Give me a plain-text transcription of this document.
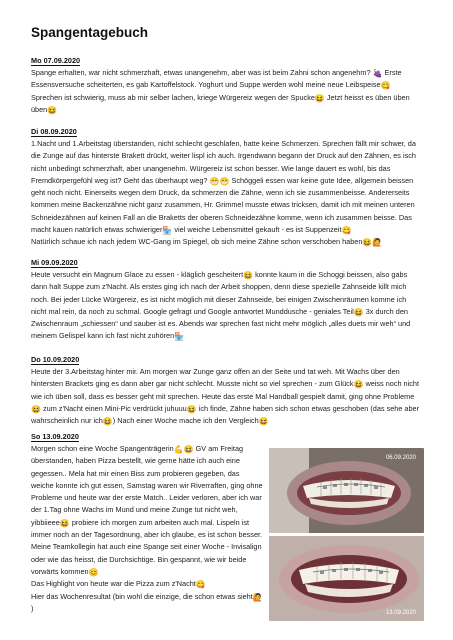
Spangentagebuch
Mo 07.09.2020

Spange erhalten, war nicht schmerzhaft, etwas unangenehm, aber was ist beim Zahni schon angenehm? 🍇 Erste Essensversuche scheiterten, es gab Kartoffelstock. Yoghurt und Suppe werden wohl meine neue Leibspeise😋 Sprechen ist schwierig, muss ab mir selber lachen, kriege Würgereiz wegen der Spucke😆 Jetzt heisst es üben üben üben😆

Di 08.09.2020

1.Nacht und 1.Arbeitstag überstanden, nicht schlecht geschlafen, hatte keine Schmerzen. Sprechen fällt mir schwer, da die Zunge auf das hinterste Brakett drückt, weiter lispl ich auch. Irgendwann begann der Druck auf den Zähnen, es isch nicht unbedingt schmerzhaft, aber unangenehm. Würgereiz ist schon besser. Wie lange dauert es wohl, bis das Fremdkörpergefühl weg ist? Geht das überhaupt weg? 😁😁 Schöggeli essen war keine gute Idee, allgemein beissen geht noch nicht. Einerseits wegen dem Druck, da schmerzen die Zähne, wenn ich sie zusammenbeisse. Andererseits kommen meine Backenzähne nicht ganz zusammen, Hr. Grimmel musste etwas tricksen, damit ich mit meinen unteren Schneidezähnen auf keinen Fall an die Braketts der oberen Schneidezähne komme, wenn ich zusammen beisse. Das macht kauen natürlich etwas schwieriger🏪 viel weiche Lebensmittel gekauft - es ist Suppenzeit😋

Natürlich schaue ich nach jedem WC-Gang im Spiegel, ob sich meine Zähne schon verschoben haben😆🙋

Mi 09.09.2020

Heute versucht ein Magnum Glace zu essen - kläglich gescheitert😆 konnte kaum in die Schoggi beissen, also gabs dann halt Suppe zum z'Nacht. Als erstes ging ich nach der Arbeit shoppen, denn diese spezielle Zahnseide killt mich noch. Bei jeder Lücke Würgereiz, es ist nicht möglich mit dieser Zahnseide, bei einigen Zwischenräumen komme ich nicht mal rein, da noch zu schmal. Google gefragt und Google antwortet Munddusche - geniales Teil😆 3x durch den Zwischenraum „schiessen“ und sauber ist es. Abends war sprechen fast nicht mehr möglich „alles duets mir weh“ und meinem Gelispel kann ich fast nicht zuhören🏪

Do 10.09.2020

Heute der 3.Arbeitstag hinter mir. Am morgen war Zunge ganz offen an der Seite und tat weh. Mit Wachs über den hintersten Brackets ging es dann aber gar nicht schlecht. Musste nicht so viel sprechen - zum Glück😆 weiss noch nicht wie ich üben soll, dass es besser geht mit sprechen. Heute das erste Mal Handball gespielt damit, ging ohne Probleme😆 zum z'Nacht einen Mini-Pic verdrückt juhuuu😆 ich finde, Zähne haben sich schon etwas geschoben (das sehe aber wahrscheinlich nur ich😆) Nach einer Woche mache ich den Vergleich😆

So 13.09.2020

Morgen schon eine Woche Spangenträgerin💪😆 GV am Freitag überstanden, haben Pizza bestellt, wie gerne hätte ich auch eine gegessen.. Mela hat mir einen Biss zum probieren gegeben, das weiche konnte ich gut essen, Samstag waren wir Riverraften, ging ohne Probleme und heute war der erste Match.. Leider verloren, aber ich war der 1.Tag ohne Wachs im Mund und meine Zunge tut nicht weh, yibbiieee😆 probiere ich morgen zum arbeiten auch mal. Lispeln ist immer noch an der Tagesordnung, aber ich glaube, es ist schon besser. Meine Teamkollegin hat auch eine Spange seit einer Woche - Invisalign oder wie das heisst, die Durchsichtige. Bin gespannt, wie wir beide vorwärts kommen😊

Das Highlight von heute war die Pizza zum z'Nacht😋

Hier das Wochenresultat (bin wohl die einzige, die schon etwas sieht🙋)

06.09.2020
13.09.2020
